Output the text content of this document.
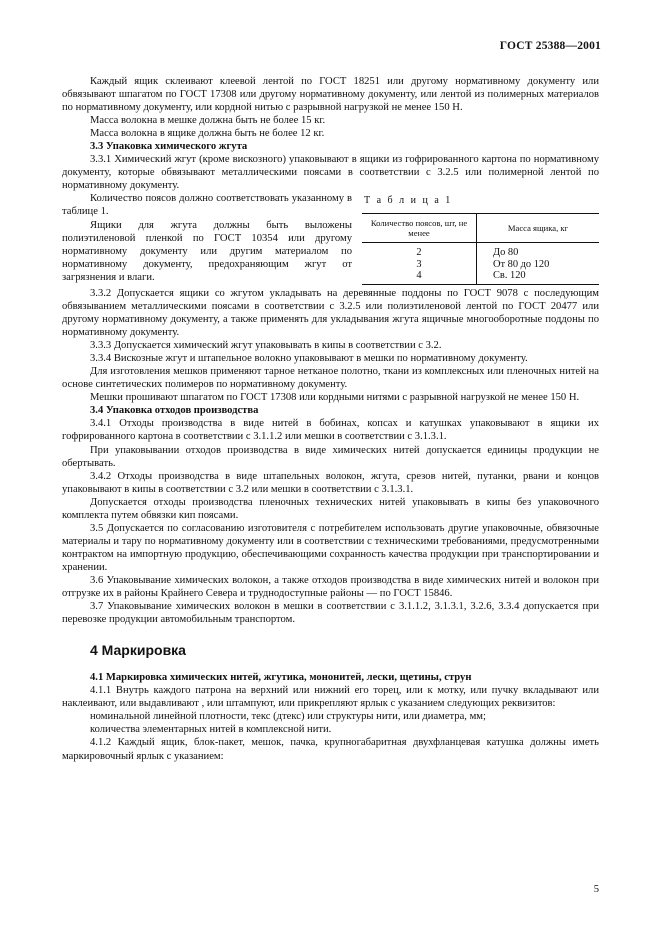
ГОСТ 25388—2001

Каждый ящик склеивают клеевой лентой по ГОСТ 18251 или другому нормативному документу или обвязывают шпагатом по ГОСТ 17308 или другому нормативному документу, или лентой из полимерных материалов по нормативному документу, или кордной нитью с разрывной нагрузкой не менее 150 Н.

Масса волокна в мешке должна быть не более 15 кг.

Масса волокна в ящике должна быть не более 12 кг.

3.3 Упаковка химического жгута

3.3.1 Химический жгут (кроме вискозного) упаковывают в ящики из гофрированного картона по нормативному документу, которые обвязывают металлическими поясами в соответствии с 3.2.5 или полимерной лентой по нормативному документу.

Т а б л и ц а 1
Количество поясов, шт, не менее	Масса ящика, кг
2	До 80
3	От 80 до 120
4	Св. 120

Количество поясов должно соответствовать указанному в таблице 1.

Ящики для жгута должны быть выложены полиэтиленовой пленкой по ГОСТ 10354 или другому нормативному документу или другим материалом по нормативному документу, предохраняющим жгут от загрязнения и влаги.

3.3.2 Допускается ящики со жгутом укладывать на деревянные поддоны по ГОСТ 9078 с последующим обвязыванием металлическими поясами в соответствии с 3.2.5 или полиэтиленовой лентой по ГОСТ 20477 или другому нормативному документу, а также применять для укладывания жгута ящичные многооборотные поддоны по нормативному документу.

3.3.3 Допускается химический жгут упаковывать в кипы в соответствии с 3.2.

3.3.4 Вискозные жгут и штапельное волокно упаковывают в мешки по нормативному документу.

Для изготовления мешков применяют тарное нетканое полотно, ткани из комплексных или пленочных нитей на основе синтетических полимеров по нормативному документу.

Мешки прошивают шпагатом по ГОСТ 17308 или кордными нитями с разрывной нагрузкой не менее 150 Н.

3.4 Упаковка отходов производства

3.4.1 Отходы производства в виде нитей в бобинах, копсах и катушках упаковывают в ящики их гофрированного картона в соответствии с 3.1.1.2 или мешки в соответствии с 3.1.3.1.

При упаковывании отходов производства в виде химических нитей допускается единицы продукции не обертывать.

3.4.2 Отходы производства в виде штапельных волокон, жгута, срезов нитей, путанки, рвани и концов упаковывают в кипы в соответствии с 3.2 или мешки в соответствии с 3.1.3.1.

Допускается отходы производства пленочных технических нитей упаковывать в кипы без упаковочного комплекта путем обвязки кип поясами.

3.5 Допускается по согласованию изготовителя с потребителем использовать другие упаковочные, обвязочные материалы и тару по нормативному документу или в соответствии с техническими требованиями, предусмотренными контрактом на импортную продукцию, обеспечивающими сохранность качества продукции при транспортировании и хранении.

3.6 Упаковывание химических волокон, а также отходов производства в виде химических нитей и волокон при отгрузке их в районы Крайнего Севера и труднодоступные районы — по ГОСТ 15846.

3.7 Упаковывание химических волокон в мешки в соответствии с 3.1.1.2, 3.1.3.1, 3.2.6, 3.3.4 допускается при перевозке продукции автомобильным транспортом.

4 Маркировка

4.1 Маркировка химических нитей, жгутика, мононитей, лески, щетины, струн

4.1.1 Внутрь каждого патрона на верхний или нижний его торец, или к мотку, или пучку вкладывают или наклеивают, или выдавливают , или штампуют, или прикрепляют ярлык с указанием следующих реквизитов:

номинальной линейной плотности, текс (дтекс) или структуры нити, или диаметра, мм;

количества элементарных нитей в комплексной нити.

4.1.2 Каждый ящик, блок-пакет, мешок, пачка, крупногабаритная двухфланцевая катушка должны иметь маркировочный ярлык с указанием:

5
